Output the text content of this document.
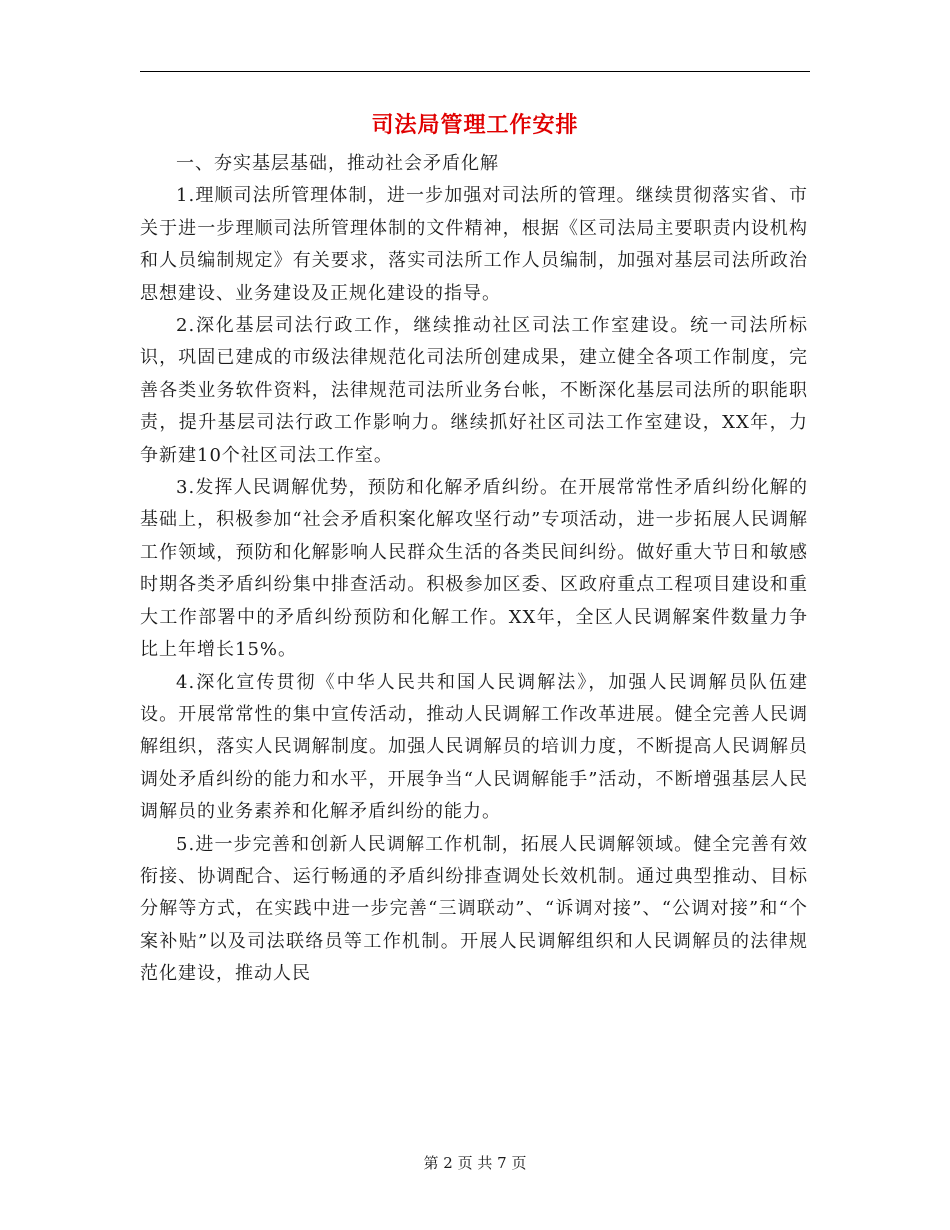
司法局管理工作安排

一、夯实基层基础，推动社会矛盾化解

1.理顺司法所管理体制，进一步加强对司法所的管理。继续贯彻落实省、市关于进一步理顺司法所管理体制的文件精神，根据《区司法局主要职责内设机构和人员编制规定》有关要求，落实司法所工作人员编制，加强对基层司法所政治思想建设、业务建设及正规化建设的指导。

2.深化基层司法行政工作，继续推动社区司法工作室建设。统一司法所标识，巩固已建成的市级法律规范化司法所创建成果，建立健全各项工作制度，完善各类业务软件资料，法律规范司法所业务台帐，不断深化基层司法所的职能职责，提升基层司法行政工作影响力。继续抓好社区司法工作室建设，XX年，力争新建10个社区司法工作室。

3.发挥人民调解优势，预防和化解矛盾纠纷。在开展常常性矛盾纠纷化解的基础上，积极参加“社会矛盾积案化解攻坚行动”专项活动，进一步拓展人民调解工作领域，预防和化解影响人民群众生活的各类民间纠纷。做好重大节日和敏感时期各类矛盾纠纷集中排查活动。积极参加区委、区政府重点工程项目建设和重大工作部署中的矛盾纠纷预防和化解工作。XX年，全区人民调解案件数量力争比上年增长15%。

4.深化宣传贯彻《中华人民共和国人民调解法》，加强人民调解员队伍建设。开展常常性的集中宣传活动，推动人民调解工作改革进展。健全完善人民调解组织，落实人民调解制度。加强人民调解员的培训力度，不断提高人民调解员调处矛盾纠纷的能力和水平，开展争当“人民调解能手”活动，不断增强基层人民调解员的业务素养和化解矛盾纠纷的能力。

5.进一步完善和创新人民调解工作机制，拓展人民调解领域。健全完善有效衔接、协调配合、运行畅通的矛盾纠纷排查调处长效机制。通过典型推动、目标分解等方式，在实践中进一步完善“三调联动”、“诉调对接”、“公调对接”和“个案补贴”以及司法联络员等工作机制。开展人民调解组织和人民调解员的法律规范化建设，推动人民

第 2 页 共 7 页
